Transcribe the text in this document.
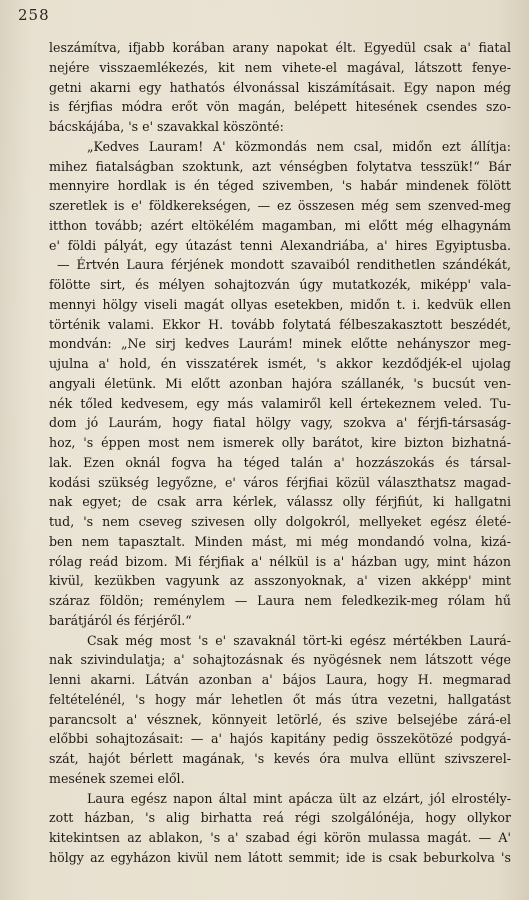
258
leszámítva, ifjabb korában arany napokat élt. Egyedül csak a' fiatal
nejére visszaemlékezés, kit nem vihete-el magával, látszott fenye-
getni akarni egy hathatós élvonással kiszámításait. Egy napon még
is férjfias módra erőt vön magán, belépett hitesének csendes szo-
bácskájába, 's e' szavakkal köszönté:
„Kedves Lauram! A' közmondás nem csal, midőn ezt állítja:
mihez fiatalságban szoktunk, azt vénségben folytatva tesszük!“ Bár
mennyire hordlak is én téged szivemben, 's habár mindenek fölött
szeretlek is e' földkerekségen, — ez összesen még sem szenved-meg
itthon tovább; azért eltökélém magamban, mi előtt még elhagynám
e' földi pályát, egy útazást tenni Alexandriába, a' hires Egyiptusba.
— Értvén Laura férjének mondott szavaiból rendithetlen szándékát,
fölötte sirt, és mélyen sohajtozván úgy mutatkozék, miképp' vala-
mennyi hölgy viseli magát ollyas esetekben, midőn t. i. kedvük ellen
történik valami. Ekkor H. tovább folytatá félbeszakasztott beszédét,
mondván: „Ne sirj kedves Laurám! minek előtte nehányszor meg-
ujulna a' hold, én visszatérek ismét, 's akkor kezdődjék-el ujolag
angyali életünk. Mi előtt azonban hajóra szállanék, 's bucsút ven-
nék tőled kedvesem, egy más valamiről kell értekeznem veled. Tu-
dom jó Laurám, hogy fiatal hölgy vagy, szokva a' férjfi-társaság-
hoz, 's éppen most nem ismerek olly barátot, kire bizton bizhatná-
lak. Ezen oknál fogva ha téged talán a' hozzászokás és társal-
kodási szükség legyőzne, e' város férjfiai közül választhatsz magad-
nak egyet; de csak arra kérlek, válassz olly férjfiút, ki hallgatni
tud, 's nem cseveg szivesen olly dolgokról, mellyeket egész életé-
ben nem tapasztalt. Minden mást, mi még mondandó volna, kizá-
rólag reád bizom. Mi férjfiak a' nélkül is a' házban ugy, mint házon
kivül, kezükben vagyunk az asszonyoknak, a' vizen akképp' mint
száraz földön; reménylem — Laura nem feledkezik-meg rólam hű
barátjáról és férjéről.“
Csak még most 's e' szavaknál tört-ki egész mértékben Laurá-
nak szivindulatja; a' sohajtozásnak és nyögésnek nem látszott vége
lenni akarni. Látván azonban a' bájos Laura, hogy H. megmarad
feltételénél, 's hogy már lehetlen őt más útra vezetni, hallgatást
parancsolt a' vésznek, könnyeit letörlé, és szive belsejébe zárá-el
előbbi sohajtozásait: — a' hajós kapitány pedig összekötözé podgyá-
szát, hajót bérlett magának, 's kevés óra mulva ellünt szivszerel-
mesének szemei elől.
Laura egész napon által mint apácza ült az elzárt, jól elrostély-
zott házban, 's alig birhatta reá régi szolgálónéja, hogy ollykor
kitekintsen az ablakon, 's a' szabad égi körön mulassa magát. — A'
hölgy az egyházon kivül nem látott semmit; ide is csak beburkolva 's
